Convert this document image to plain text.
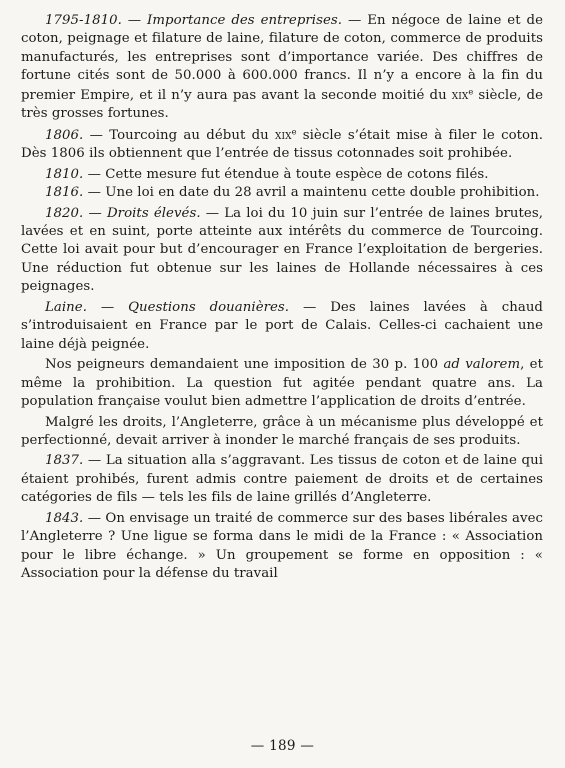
1795-1810. — Importance des entreprises. — En négoce de laine et de coton, peignage et filature de laine, filature de coton, commerce de produits manufacturés, les entreprises sont d’importance variée. Des chiffres de fortune cités sont de 50.000 à 600.000 francs. Il n’y a encore à la fin du premier Empire, et il n’y aura pas avant la seconde moitié du xix$^e$ siècle, de très grosses fortunes.

1806. — Tourcoing au début du xix$^e$ siècle s’était mise à filer le coton. Dès 1806 ils obtiennent que l’entrée de tissus cotonnades soit prohibée.

1810. — Cette mesure fut étendue à toute espèce de cotons filés.

1816. — Une loi en date du 28 avril a maintenu cette double prohibition.

1820. — Droits élevés. — La loi du 10 juin sur l’entrée de laines brutes, lavées et en suint, porte atteinte aux intérêts du commerce de Tourcoing. Cette loi avait pour but d’encourager en France l’exploitation de bergeries. Une réduction fut obtenue sur les laines de Hollande nécessaires à ces peignages.

Laine. — Questions douanières. — Des laines lavées à chaud s’introduisaient en France par le port de Calais. Celles-ci cachaient une laine déjà peignée.

Nos peigneurs demandaient une imposition de 30 p. 100 ad valorem, et même la prohibition. La question fut agitée pendant quatre ans. La population française voulut bien admettre l’application de droits d’entrée.

Malgré les droits, l’Angleterre, grâce à un mécanisme plus développé et perfectionné, devait arriver à inonder le marché français de ses produits.

1837. — La situation alla s’aggravant. Les tissus de coton et de laine qui étaient prohibés, furent admis contre paiement de droits et de certaines catégories de fils — tels les fils de laine grillés d’Angleterre.

1843. — On envisage un traité de commerce sur des bases libérales avec l’Angleterre ? Une ligue se forma dans le midi de la France : « Association pour le libre échange. » Un groupement se forme en opposition : « Association pour la défense du travail

— 189 —
